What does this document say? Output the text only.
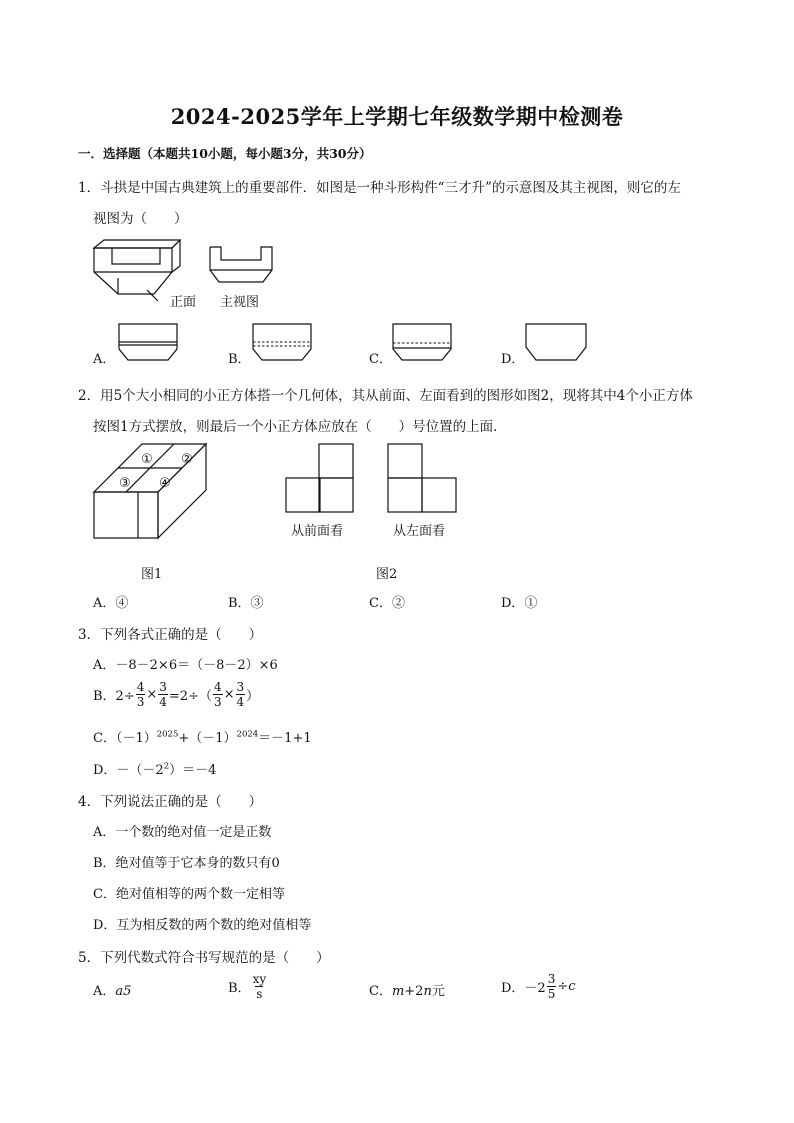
2024-2025学年上学期七年级数学期中检测卷
一．选择题（本题共10小题，每小题3分，共30分）
1．斗拱是中国古典建筑上的重要部件．如图是一种斗形构件“三才升”的示意图及其主视图，则它的左
视图为（　　）
正面 主视图
A．	B．	C．	D．
2．用5个大小相同的小正方体搭一个几何体，其从前面、左面看到的图形如图2，现将其中4个小正方体
按图1方式摆放，则最后一个小正方体应放在（　　）号位置的上面．
① ②
③ ④
从前面看	从左面看
图1	图2
A．④	B．③	C．②	D．①
3．下列各式正确的是（　　）
A．－8－2×6＝（－8－2）×6
B．$2\div \frac{4}{3} \times \frac{3}{4} =2\div( \frac{4}{3} \times \frac{3}{4}$ ）
C．$(-1)^{2025}+(-1)^{2024}=-1+1$
D．$-(-2^2)=-4$
4．下列说法正确的是（　　）
A．一个数的绝对值一定是正数
B．绝对值等于它本身的数只有0
C．绝对值相等的两个数一定相等
D．互为相反数的两个数的绝对值相等
5．下列代数式符合书写规范的是（　　）
A．a5	B． $\frac{xy}{s}$	C．m+2n元	D．$-2 \frac{3}{5} \div c$
